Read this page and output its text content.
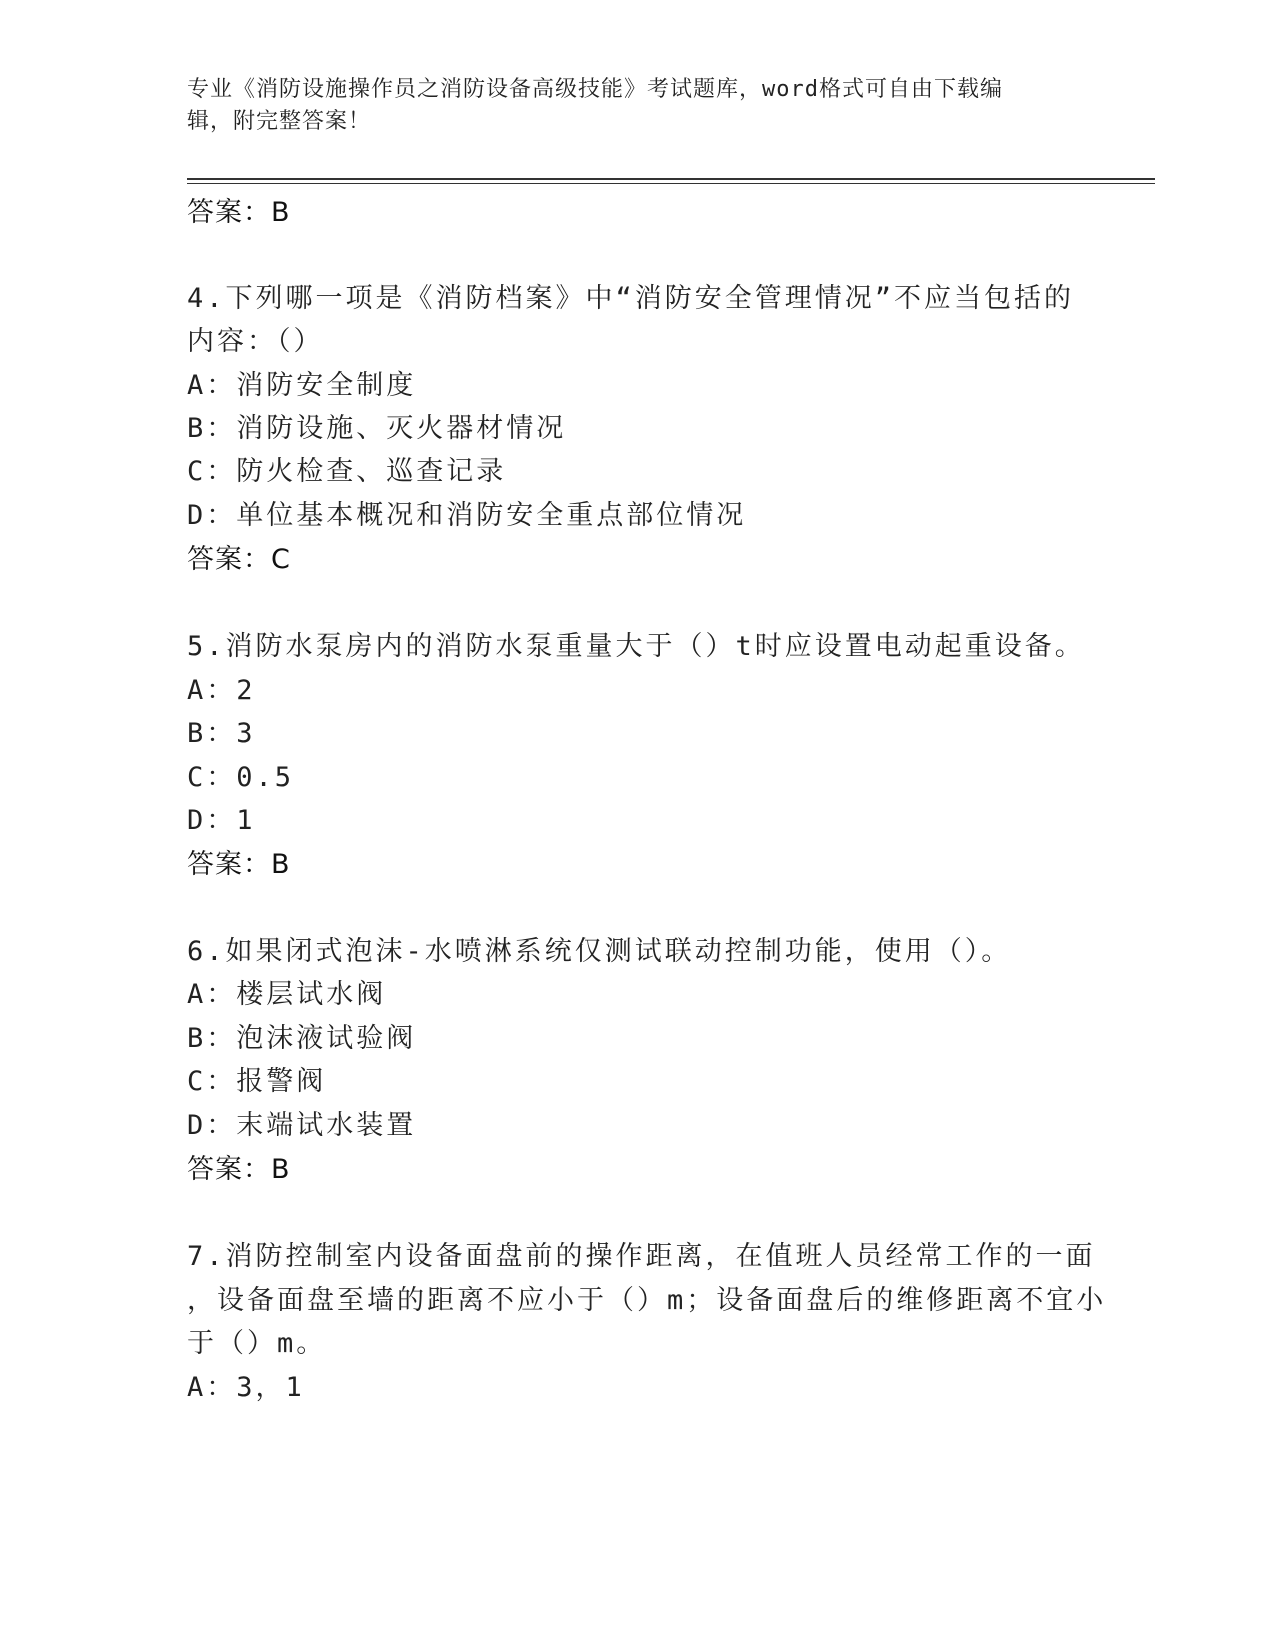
专业《消防设施操作员之消防设备高级技能》考试题库，word格式可自由下载编
辑，附完整答案！
答案：B
4.下列哪一项是《消防档案》中“消防安全管理情况”不应当包括的
内容：（）
A：消防安全制度
B：消防设施、灭火器材情况
C：防火检查、巡查记录
D：单位基本概况和消防安全重点部位情况
答案：C
5.消防水泵房内的消防水泵重量大于（）t时应设置电动起重设备。
A：2
B：3
C：0.5
D：1
答案：B
6.如果闭式泡沫-水喷淋系统仅测试联动控制功能，使用（）。
A：楼层试水阀
B：泡沫液试验阀
C：报警阀
D：末端试水装置
答案：B
7.消防控制室内设备面盘前的操作距离，在值班人员经常工作的一面
，设备面盘至墙的距离不应小于（）m；设备面盘后的维修距离不宜小
于（）m。
A：3，1
